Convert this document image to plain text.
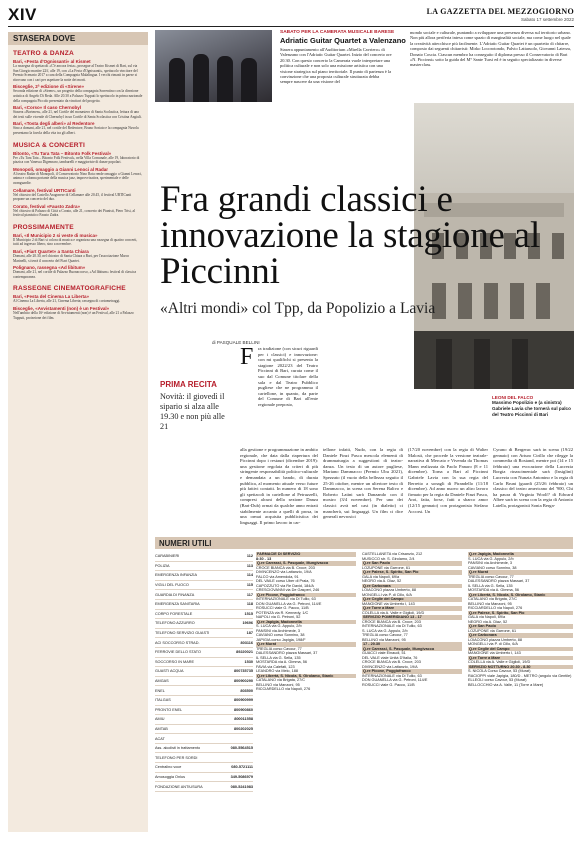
XIV	LA GAZZETTA DEL MEZZOGIORNO
Sabato 17 settembre 2022
STASERA DOVE
TEATRO & DANZA
Bari, «Festa d'Ognissanti» al Kismet
La rassegna di spettacoli «C'è ancora festa», prosegue al Teatro Kismet di Bari, sul via San Giorgio martire 22/f, alle 19, con «La Festa d'Ognissanti», spettacolo vincitore del Premio Scenario 2017 a cura della Compagnia Malalingua. I vecchi rimasti in paese si ritrovano con i cari per aspettare la notte dei morti.
Bisceglie, 2ª edizione di «Sirene»
Seconda edizione di «Sirene», un progetto della compagnia Sorrentino con la direzione artistica di Angelo Di Reda. Alle 20.30 a Palazzo Tupputi lo spettacolo in prima nazionale della compagnia Piccolo presentato da vincitori del progetto.
Bari, «Corso» Il caso Chernobyl
Stasera «Bortmen», alle 21, nel Cortile del monastero di Santa Scolastica, lettura di uno dei testi sulle vicende di Chernobyl in un Cortile di Santa Scolastica con Cristina Angiuli.
Bari, «Tosta degli alberi» al Redentore
Sino a domani, alle 21, nel cortile del Redentore, Bruno Soriato e la compagnia Nuvola presentano la favola della vita tra gli alberi.
MUSICA & CONCERTI
Bitonto, «Tu Tara Tata – Bitonto Folk Festival»
Per «Tu Tara Tata – Bitonto Folk Festival», nella Villa Comunale, alle 19, laboratorio di pizzica con Vanessa Digennaro, tamburelli e maggioriste di danze popolari.
Monopoli, omaggio a Gianni Lenoci al Radar
Al teatro Radar di Monopoli, il Conservatorio Nino Rota rende omaggio a Gianni Lenoci, anima e colonna portante della musica jazz, improvvisativa, sperimentale e delle avanguardie.
Cellamare, festival URTICanti
Nel chiostro del Castello Aragonese di Cellamare alle 20.45, il festival URTICanti propone un concerto del duo.
Corato, festival «Fausto Zadra»
Nel chiostro di Palazzo di Città a Corato, alle 21, concerto dei Pianisti, Piero Trisi, al festival pianistico Fausto Zadra.
PROSSIMAMENTE
Bari, «Il Municipio 2 si veste di musica»
Il Municipio 2 di Bari si colora di musica e organizza una rassegna di quattro concerti, tutti ad ingresso libero, sino a novembre.
Bari, «Fiart Quartet» a Santa Chiara
Domani, alle 20.30, nel chiostro di Santa Chiara a Bari, per l'associazione Marco Marinelli, si terrà il concerto del Fiart Quartet.
Polignano, rassegna «Ad libitum»
Domani, alle 21, nel cortile di Palazzo Buonaccorso, «Ad libitum» festival di classica contemporanea.
RASSEGNE CINEMATOGRAFICHE
Bari, «Festa del Cinema La Liberta»
Al Cinema La Liberta, alle 21, Cinema Liberta; rassegna di cortometraggi.
Bisceglie, «Avvistamenti (non) è un Festival»
Nell'ambito della 16ª edizione di Avvistamenti (non) è un Festival, alle 21 a Palazzo Tupputi, proiezione dei film.
SABATO PER LA CAMERATA MUSICALE BARESE
Adriatic Guitar Quartet a Valenzano
Stasera appuntamento all'Auditorium «Mirella Cavriero» di Valenzano con l'Adriatic Guitar Quartet. Inizio del concerto ore 20.30. Con questo concerto la Camerata vuole interpretare una politica culturale e non solo una missione artistica con una visione strategica sul piano territoriale. Il punto di partenza è la convinzione che una proposta culturale strutturata debba sempre nascere da una visione del
mondo sociale e culturale, puntando a sviluppare una presenza diversa sul territorio urbano. Non più allora periferia intesa come spazio di marginalità sociale, ma come luogo nel quale la creatività attecchisce più facilmente. L'Adriatic Guitar Quartet è un quartetto di chitarre, composto dai seguenti chitarristi: Mirko Locorotondo, Palvio Lattaruolo, Giovanni Laterza, Donato Coscia. Ciascun membro ha conseguito il diploma presso il Conservatorio di Bari «N. Piccinni» sotto la guida del M° Sante Tursi ed è in seguito specializzato in diverse masterclass.
Fra grandi classici e innovazione la stagione al Piccinni
«Altri mondi» col Tpp, da Popolizio a Lavia
LEONI DEL FALCO
Massimo Popolizio e (a sinistra) Gabriele Lavia che tornerà sul palco del Teatro Piccinni di Bari
di PASQUALE BELLINI
PRIMA RECITA
Novità: il giovedì il sipario si alza alle 19.30 e non più alle 21
F ra tradizione (con sicuri riguardi per i classici) e innovazione: con mi qualifichi si presenta la stagione 2022/23 del Teatro Piccinni di Bari, curata come il suo dal Comune titolare della sala e dal Teatro Pubblico pugliese che ne programma il cartellone, in quanto, da parte del Comune di Bari all'ente regionale preposto,
alla gestione e programmazione in ambito regionale, che data dalla riapertura del Piccinni dopo i restauri (dicembre 2019): una gestione regolata da criteri di più stringente responsabilità politico-culturale e demandata a un bando, di durata pubblica, al momento attuale verso future più fattivi contatti. In numero di 18 sono gli spettacoli in cartellone al Petruzzelli, compresi alcuni della sezione Danza (Bari-Dub) ormai da qualche anno entrati stabilmente accanto a quelli di prosa, in una ormai acquisita pubblicistica dei linguaggi. Il primo lavoro in car-
tellone infatti, Nudo, con la regia di Daniele Finzi Pasca mescola elementi di drammaturgia a suggestioni di teatro-danza. Un testo di un autore pugliese, Mariano Dammacco (Premio Ubu 2021), Spezzato (il vuoto della bellezza seguito il 25-26 ottobre, mentre un ulteriore testo di Dammacco, in scena con Serena Balivo e Roberto Latini sarà Danzando con il mostro (3/4 novembre). Per uno dei classici avrà nel cast (in dialetto) ci mancherà, sui linguaggi. Un film ci dice generali nevrosici
(17/20 novembre) con la regia di Walter Malosti, che procede la versione teatrale-narrativa di Mercato e Vivenda da Thomas Mann realizzata da Paolo Panaro (8 e 11 dicembre). Torna a Bari al Piccinni Gabriele Lavia con la sua regia del Berretto a sonagli di Pirandello (11/18 dicembre). Ad anno nuovo un altro lavoro firmato per la regia da Daniele Finzi Pasca, Aroi, fatta, forse, fatti a sbarco amor (12/15 gennaio) con protagonista Stefano Accorsi. Un
Cyrano di Bergerac sarà in scena (19/22 gennaio) con Arturo Cirillo che rilegge la commedia di Rostand, mentre poi (14 e 15 febbraio) una evocazione della Lucrezia Borgia rinascimentale sarà (Insiglini) Lucrezia con Nunzia Antonino e la regia di Carlo Bruni (guardi (25/26 febbraio) un classico del teatro americano del '900, Chi ha paura di Virginia Woolf? di Edward Albee sarà in scena con la regia di Antonio Latella, protagonisti Sonia Berga-
NUMERI UTILI
CARABINIERI	112
POLIZIA	113
EMERGENZA INFANZIA	114
VIGILI DEL FUOCO	115
GUARDIA DI FINANZA	117
EMERGENZA SANITARIA	118
CORPO FORESTALE	1515
TELEFONO AZZURRO	19696
TELEFONO SERVIZIO GUASTI	187
ACI SOCCORSO STRAD.	803116
FERROVIE DELLO STATO	89220021
SOCCORSO IN MARE	1530
GUASTI ACQUA	800735735
AMGAS	800900290
ENEL	803500
ITALGAS	800900999
PRONTO ENEL	800900860
AMIU	800011558
AMTAB	800202025
ACAT
Ass. alcolisti in trattamento	080-5564515
TELEFONO PER SORDI
Centralino voce	080-5721111
Amosoggia Onlus	349-5086979
FONDAZIONE ANTIUSURA	080-5241983
FARMACIE DI SERVIZIO
8:30 - 13
Q.re Carrassi, S. Pasquale, Mungivacca
CROCE BIANCA via B. Croce, 203
DIVINCENZO via Lattanzio, 19/A
FALCO via Amendola, 91
DEL VAILE corso Uber di Praia, 76
CAPOZZUTO via Re David, 184/A
CRESCIOVANNI via De Gasperi, 246
Q.re Picone, Poggiofranco
INTERNAZIONALE via Di Tullio, 63
DON GUANELLA via G. Petroni, 114/E
ROSUCCI viale G. Pacco, 11/B
POTENZA via R. Kennedy, 1/C
NAPOLI via G. Petroni, 52
Q.re Japigia, Madonnella
S. LUCA via G. Appulo, 2/b
PANSINI via Archimede, 3
CAVIANO corso Sonnino, 38
JAPIGIA corso Japigia, 198/F
Q.re Murat
TREGLIA corso Cavour, 77
DALESSANDRO piazza Massari, 37
IL SELLA via G. Sella, 135
MOSTARDA via A. Gimma, 56
FAVIA via Calefati, 123
LEANDRO via Melo, 188
Q.re Libertà, S. Nicola, S. Girolamo, Stanic
CATALANO via Brigata, 27/C
BELLINO via Manzoni, 95
RICCIARDELLO via Napoli, 276
CASTELLANETA via Crisanzio, 212
MUSICCO str. S. Girolamo, 2/4
Q.re San Paolo
LOZUPONE via Garrone, 61
Q.re Palese, S. Spirito, San Pio
GALA via Napoli, 69/a
NEGRO via A. Diaz, 52
Q.re Carbonara
LOIACONO piazza Umberto, 88
MONGELLI via P. di Cillo, 6/A
Q.re Ceglie del Campo
MANGIONE via Umberto I, 143
Q.re Torre a Mare
COLELLA via A. Valle e Giglioli, 19/D
SERVIZIO POMERIDIANO 13 - 17
CROCE BIANCA via B. Croce, 203
INTERNAZIONALE via Di Tullio, 63
S. LUCA via G. Appulo, 2/b
TREGLIA corso Cavour, 77
BELLINO via Manzoni, 95
17 - 20.30
Q.re Carrassi, S. Pasquale, Mungivacca
GUACCI viale Einaudi, 51
DEL VALE viale Unità D'Italia, 76
CROCE BIANCA via B. Croce, 203
DIVINCENZO via Lattanzio, 19/A
Q.re Picone, Poggiofranco
INTERNAZIONALE via Di Tullio, 63
DON GUANELLA via G. Petroni, 114/E
ROSUCCI viale G. Pacco, 11/B
Q.re Japigia, Madonnella
S. LUCA via G. Appulo, 2/b
PANSINI via Archimede, 3
CAVIANO corso Sonnino, 38
Q.re Murat
TREGLIA corso Cavour, 77
DALESSANDRO piazza Massari, 37
IL SELLA via G. Sella, 135
MOSTARDA via A. Gimma, 56
Q.re Libertà, S. Nicola, S. Girolamo, Stanic
CATALANO via Brigata, 27/C
BELLINO via Manzoni, 95
RICCIARDELLO via Napoli, 276
Q.re Palese, S. Spirito, San Pio
GALA via Napoli, 69/a
NEGRO via A. Diaz, 52
Q.re San Paolo
LOZUPONE via Garrone, 61
Q.re Carbonara
LOIACONO piazza Umberto, 88
MONGELLI via P. di Cillo, 6/A
Q.re Ceglie del Campo
MANGIONE via Umberto I, 143
Q.re Torre a Mare
COLELLA via A. Valle e Giglioli, 19/D
SERVIZIO NOTTURNO 20.30 - 8.30
S. NICOLA Corso Cavour, 53 (Murat)
RACIOPPI viale Japigia, 180/D - METRO (angolo via Gentile)
ELLEOLI corso Cavour, 53 (Murat)
BELLOCCHIO via A. Valle, 11 (Torre a Mare)
